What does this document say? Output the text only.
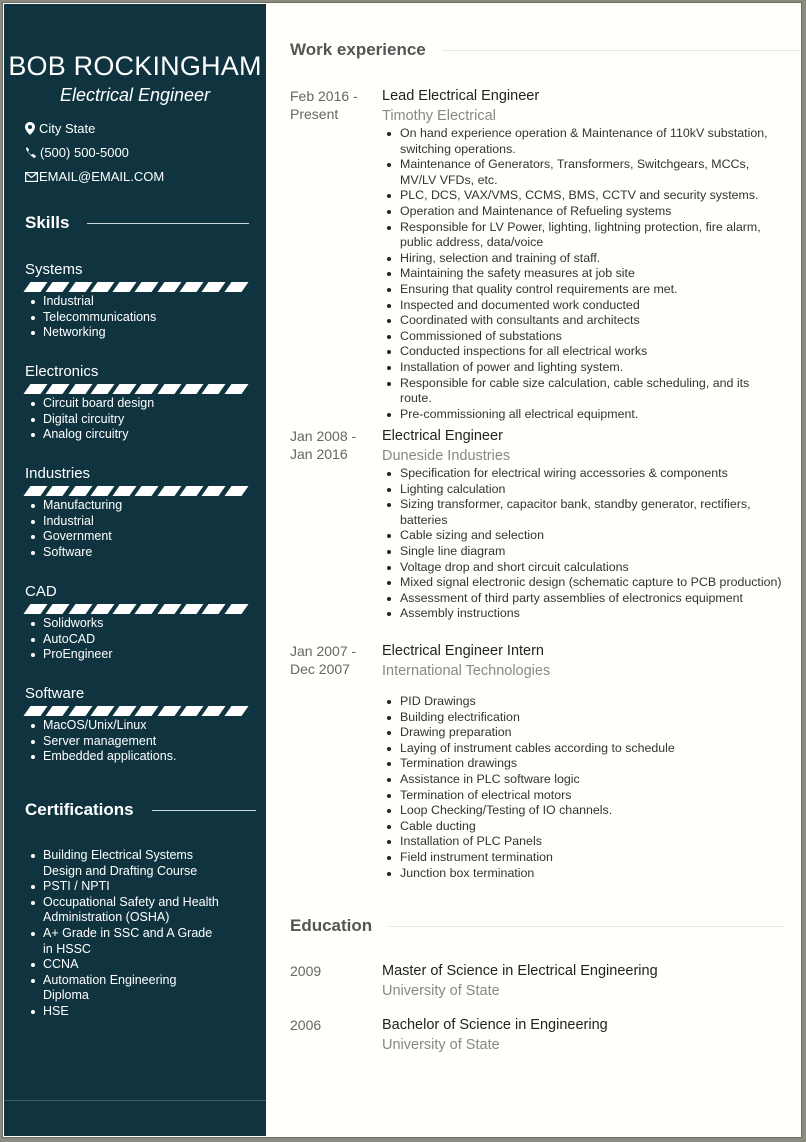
BOB ROCKINGHAM
Electrical Engineer
City State
(500) 500-5000
EMAIL@EMAIL.COM
Skills
Systems
Industrial
Telecommunications
Networking
Electronics
Circuit board design
Digital circuitry
Analog circuitry
Industries
Manufacturing
Industrial
Government
Software
CAD
Solidworks
AutoCAD
ProEngineer
Software
MacOS/Unix/Linux
Server management
Embedded applications.
Certifications
Building Electrical Systems Design and Drafting Course
PSTI / NPTI
Occupational Safety and Health Administration (OSHA)
A+ Grade in SSC and A Grade in HSSC
CCNA
Automation Engineering Diploma
HSE
Work experience
Feb 2016 -
Present
Lead Electrical Engineer
Timothy Electrical
On hand experience operation & Maintenance of 110kV substation, switching operations.
Maintenance of Generators, Transformers, Switchgears, MCCs, MV/LV VFDs, etc.
PLC, DCS, VAX/VMS, CCMS, BMS, CCTV and security systems.
Operation and Maintenance of Refueling systems
Responsible for LV Power, lighting, lightning protection, fire alarm, public address, data/voice
Hiring, selection and training of staff.
Maintaining the safety measures at job site
Ensuring that quality control requirements are met.
Inspected and documented work conducted
Coordinated with consultants and architects
Commissioned of substations
Conducted inspections for all electrical works
Installation of power and lighting system.
Responsible for cable size calculation, cable scheduling, and its route.
Pre-commissioning all electrical equipment.
Jan 2008 -
Jan 2016
Electrical Engineer
Duneside Industries
Specification for electrical wiring accessories & components
Lighting calculation
Sizing transformer, capacitor bank, standby generator, rectifiers, batteries
Cable sizing and selection
Single line diagram
Voltage drop and short circuit calculations
Mixed signal electronic design (schematic capture to PCB production)
Assessment of third party assemblies of electronics equipment
Assembly instructions
Jan 2007 -
Dec 2007
Electrical Engineer Intern
International Technologies
PID Drawings
Building electrification
Drawing preparation
Laying of instrument cables according to schedule
Termination drawings
Assistance in PLC software logic
Termination of electrical motors
Loop Checking/Testing of IO channels.
Cable ducting
Installation of PLC Panels
Field instrument termination
Junction box termination
Education
2009	Master of Science in Electrical Engineering
University of State
2006	Bachelor of Science in Engineering
University of State
